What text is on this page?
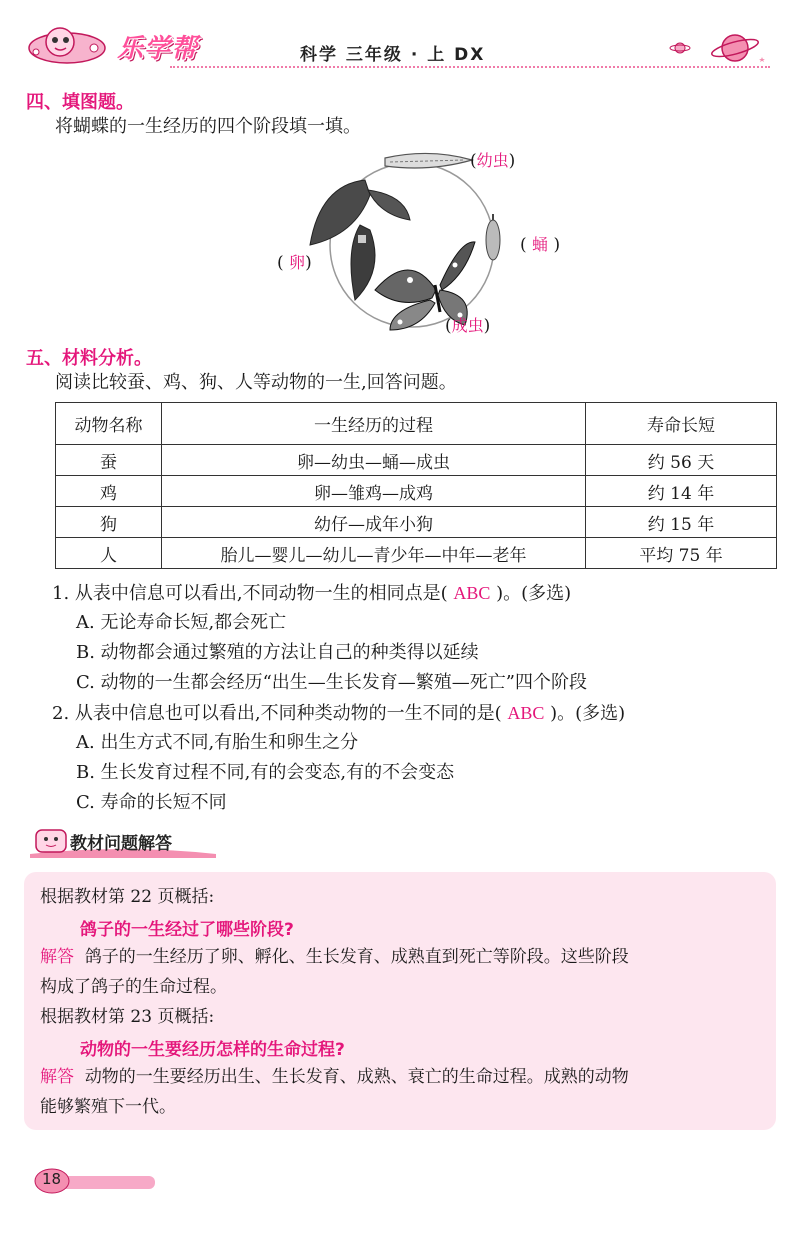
乐学帮	科学 三年级 · 上 DX
四、填图题。
将蝴蝶的一生经历的四个阶段填一填。
(幼虫)
( 蛹 )
( 卵)
(成虫)
五、材料分析。
阅读比较蚕、鸡、狗、人等动物的一生,回答问题。
动物名称	一生经历的过程	寿命长短
蚕	卵—幼虫—蛹—成虫	约 56 天
鸡	卵—雏鸡—成鸡	约 14 年
狗	幼仔—成年小狗	约 15 年
人	胎儿—婴儿—幼儿—青少年—中年—老年	平均 75 年
1. 从表中信息可以看出,不同动物一生的相同点是( ABC )。(多选)
A. 无论寿命长短,都会死亡
B. 动物都会通过繁殖的方法让自己的种类得以延续
C. 动物的一生都会经历“出生—生长发育—繁殖—死亡”四个阶段
2. 从表中信息也可以看出,不同种类动物的一生不同的是( ABC )。(多选)
A. 出生方式不同,有胎生和卵生之分
B. 生长发育过程不同,有的会变态,有的不会变态
C. 寿命的长短不同
教材问题解答
根据教材第 22 页概括:
鸽子的一生经过了哪些阶段?
解答 鸽子的一生经历了卵、孵化、生长发育、成熟直到死亡等阶段。这些阶段
构成了鸽子的生命过程。
根据教材第 23 页概括:
动物的一生要经历怎样的生命过程?
解答 动物的一生要经历出生、生长发育、成熟、衰亡的生命过程。成熟的动物
能够繁殖下一代。
18
